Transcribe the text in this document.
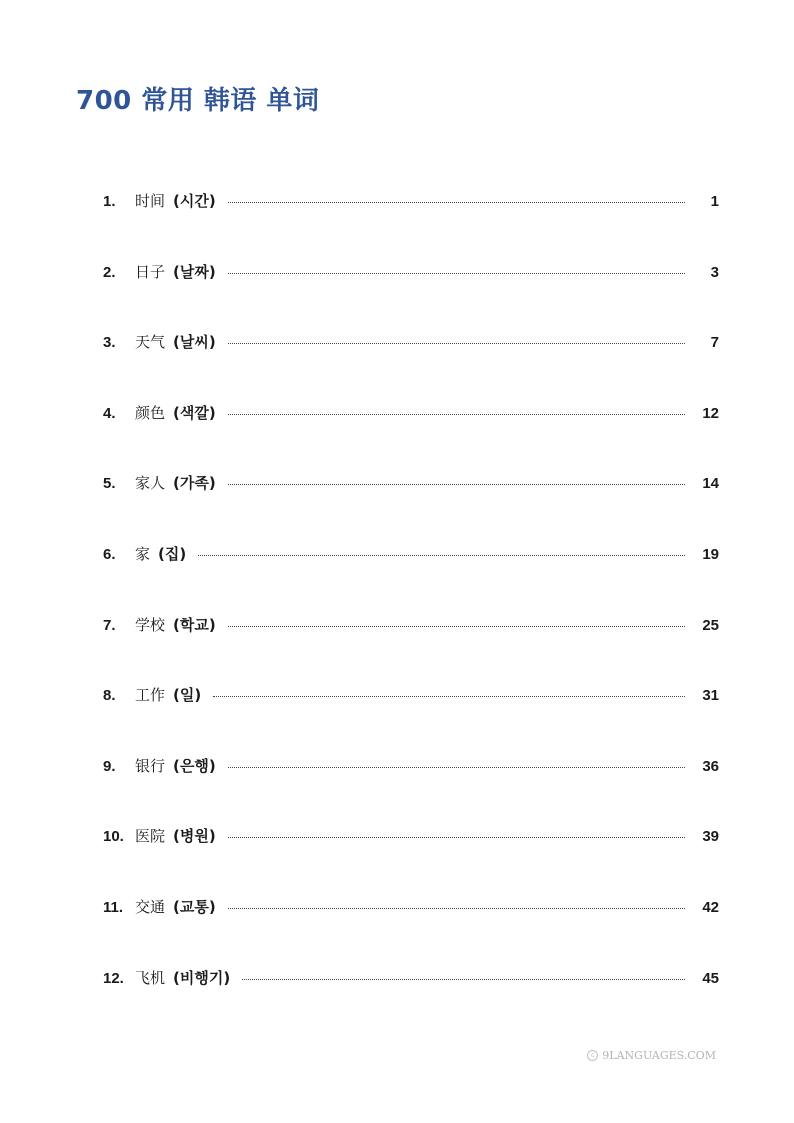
700 常用 韩语 单词
1.	时间 (시간)	1
2.	日子 (날짜)	3
3.	天气 (날씨)	7
4.	颜色 (색깔)	12
5.	家人 (가족)	14
6.	家 (집)	19
7.	学校 (학교)	25
8.	工作 (일)	31
9.	银行 (은행)	36
10. 医院 (병원)	39
11. 交通 (교통)	42
12. 飞机 (비행기)	45
c 9LANGUAGES.COM
